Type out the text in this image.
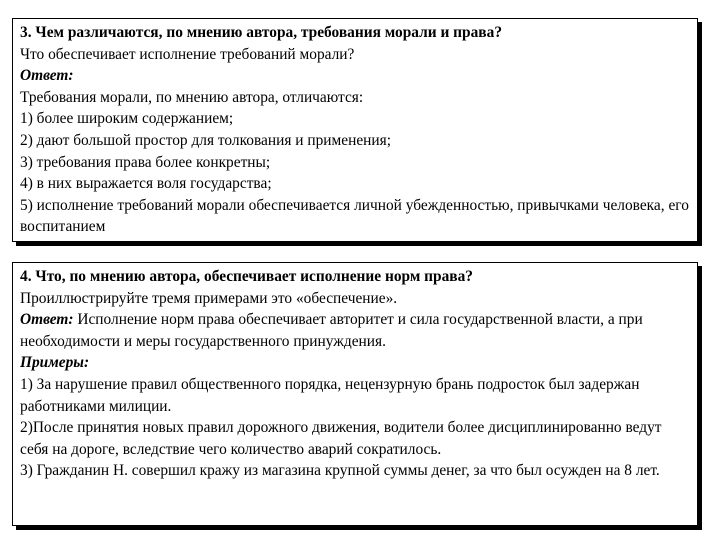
3. Чем различаются, по мнению автора, требования морали и права?
Что обеспечивает исполнение требований морали?
Ответ:
Требования морали, по мнению автора, отличаются:
1) более широким содержанием;
2) дают большой простор для толкования и применения;
3) требования права более конкретны;
4) в них выражается воля государства;
5) исполнение требований морали обеспечивается личной убежденностью, привычками человека, его воспитанием
4. Что, по мнению автора, обеспечивает исполнение норм права?
Проиллюстрируйте тремя примерами это «обеспечение».
Ответ: Исполнение норм права обеспечивает авторитет и сила государственной власти, а при необходимости и меры государственного принуждения.
Примеры:
1) За нарушение правил общественного порядка, нецензурную брань подросток был задержан работниками милиции.
2)После принятия новых правил дорожного движения, водители более дисциплинированно ведут себя на дороге, вследствие чего количество аварий сократилось.
3) Гражданин Н. совершил кражу из магазина крупной суммы денег, за что был осужден на 8 лет.
